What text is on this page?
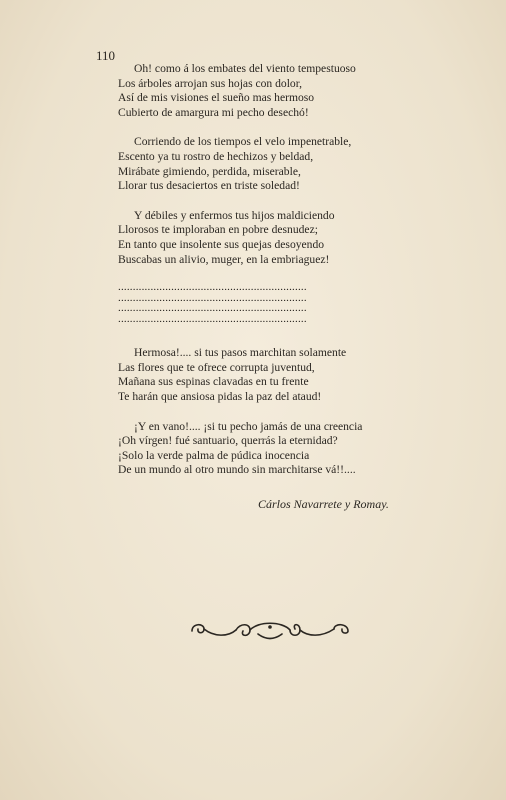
110
Oh! como á los embates del viento tempestuoso
Los árboles arrojan sus hojas con dolor,
Así de mis visiones el sueño mas hermoso
Cubierto de amargura mi pecho desechó!
Corriendo de los tiempos el velo impenetrable,
Escento ya tu rostro de hechizos y beldad,
Mirábate gimiendo, perdida, miserable,
Llorar tus desaciertos en triste soledad!
Y débiles y enfermos tus hijos maldiciendo
Llorosos te imploraban en pobre desnudez;
En tanto que insolente sus quejas desoyendo
Buscabas un alivio, muger, en la embriaguez!
................................................................
................................................................
................................................................
................................................................
Hermosa!.... si tus pasos marchitan solamente
Las flores que te ofrece corrupta juventud,
Mañana sus espinas clavadas en tu frente
Te harán que ansiosa pidas la paz del ataud!
¡Y en vano!.... ¡si tu pecho jamás de una creencia
¡Oh vírgen! fué santuario, querrás la eternidad?
¡Solo la verde palma de púdica inocencia
De un mundo al otro mundo sin marchitarse vá!!....
Cárlos Navarrete y Romay.
